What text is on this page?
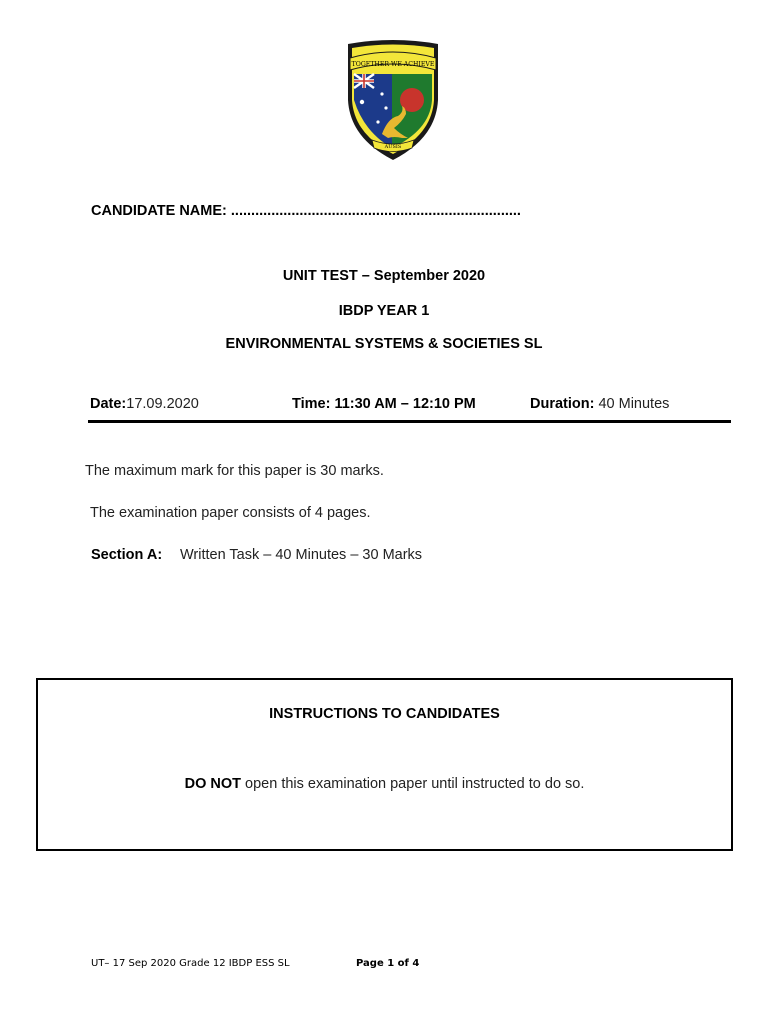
TOGETHER WE ACHIEVE
AUSIS
CANDIDATE NAME: ........................................................................
UNIT TEST – September 2020
IBDP YEAR 1
ENVIRONMENTAL SYSTEMS & SOCIETIES SL
Date:17.09.2020	Time: 11:30 AM – 12:10 PM	Duration: 40 Minutes
The maximum mark for this paper is 30 marks.
The examination paper consists of 4 pages.
Section A: Written Task – 40 Minutes – 30 Marks
INSTRUCTIONS TO CANDIDATES
DO NOT open this examination paper until instructed to do so.
UT– 17 Sep 2020 Grade 12 IBDP ESS SL	Page 1 of 4
